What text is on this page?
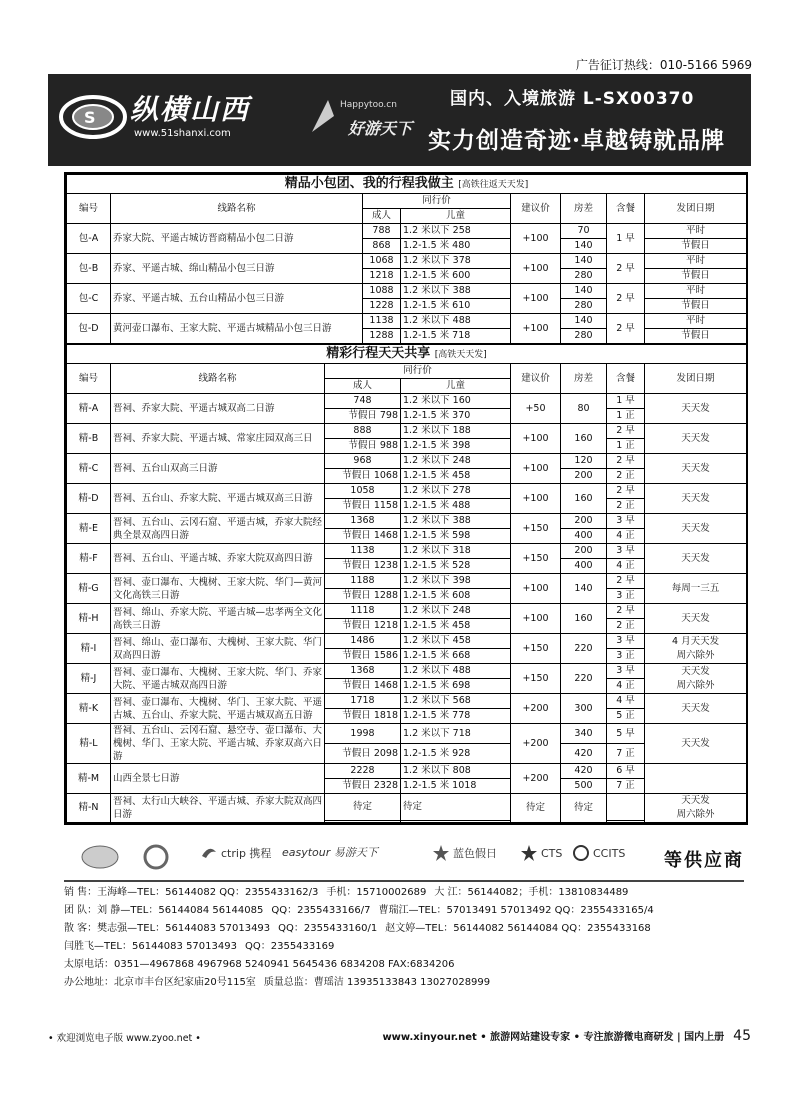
广告征订热线：010-5166 5969
S 纵横山西
www.51shanxi.com
Happytoo.cn
好游天下
国内、入境旅游 L-SX00370
实力创造奇迹·卓越铸就品牌
精品小包团、我的行程我做主 [高铁往返天天发]							
编号	线路名称	同行价		建议价	房差	含餐	发团日期
		成人	儿童				
包-A	乔家大院、平遥古城访晋商精品小包二日游	788	1.2 米以下 258	+100	70	1 早	平时
		868	1.2-1.5 米 480		140		节假日
包-B	乔家、平遥古城、绵山精品小包三日游	1068	1.2 米以下 378	+100	140	2 早	平时
		1218	1.2-1.5 米 600		280		节假日
包-C	乔家、平遥古城、五台山精品小包三日游	1088	1.2 米以下 388	+100	140	2 早	平时
		1228	1.2-1.5 米 610		280		节假日
包-D	黄河壶口瀑布、王家大院、平遥古城精品小包三日游	1138	1.2 米以下 488	+100	140	2 早	平时
		1288	1.2-1.5 米 718		280		节假日
精彩行程天天共享 [高铁天天发]							
编号	线路名称	同行价		建议价	房差	含餐	发团日期
		成人	儿童				
精-A	晋祠、乔家大院、平遥古城双高二日游	748	1.2 米以下 160	+50	80	1 早	天天发
		节假日 798	1.2-1.5 米 370			1 正	
精-B	晋祠、乔家大院、平遥古城、常家庄园双高三日	888	1.2 米以下 188	+100	160	2 早	天天发
		节假日 988	1.2-1.5 米 398			1 正	
精-C	晋祠、五台山双高三日游	968	1.2 米以下 248	+100	120	2 早	天天发
		节假日 1068	1.2-1.5 米 458		200	2 正	
精-D	晋祠、五台山、乔家大院、平遥古城双高三日游	1058	1.2 米以下 278	+100	160	2 早	天天发
		节假日 1158	1.2-1.5 米 488			2 正	
精-E	晋祠、五台山、云冈石窟、平遥古城，乔家大院经典全景双高四日游	1368	1.2 米以下 388	+150	200	3 早	天天发
		节假日 1468	1.2-1.5 米 598		400	4 正	
精-F	晋祠、五台山、平遥古城、乔家大院双高四日游	1138	1.2 米以下 318	+150	200	3 早	天天发
		节假日 1238	1.2-1.5 米 528		400	4 正	
精-G	晋祠、壶口瀑布、大槐树、王家大院、华门—黄河文化高铁三日游	1188	1.2 米以下 398	+100	140	2 早	每周一三五
		节假日 1288	1.2-1.5 米 608			3 正	
精-H	晋祠、绵山、乔家大院、平遥古城—忠孝两全文化高铁三日游	1118	1.2 米以下 248	+100	160	2 早	天天发
		节假日 1218	1.2-1.5 米 458			2 正	
精-I	晋祠、绵山、壶口瀑布、大槐树、王家大院、华门双高四日游	1486	1.2 米以下 458	+150	220	3 早	4 月天天发
周六除外
		节假日 1586	1.2-1.5 米 668			3 正	
精-J	晋祠、壶口瀑布、大槐树、王家大院、华门、乔家大院、平遥古城双高四日游	1368	1.2 米以下 488	+150	220	3 早	天天发
周六除外
		节假日 1468	1.2-1.5 米 698			4 正	
精-K	晋祠、壶口瀑布、大槐树、华门、王家大院、平遥古城、五台山、乔家大院、平遥古城双高五日游	1718	1.2 米以下 568	+200	300	4 早	天天发
		节假日 1818	1.2-1.5 米 778			5 正	
精-L	晋祠、五台山、云冈石窟、悬空寺、壶口瀑布、大槐树、华门、王家大院、平遥古城、乔家双高六日游	1998	1.2 米以下 718	+200	340	5 早	天天发
		节假日 2098	1.2-1.5 米 928		420	7 正	
精-M	山西全景七日游	2228	1.2 米以下 808	+200	420	6 早	
		节假日 2328	1.2-1.5 米 1018		500	7 正	
精-N	晋祠、太行山大峡谷、平遥古城、乔家大院双高四日游	待定	待定	待定	待定		天天发
周六除外

ctrip 携程 easytour 易游天下	蓝色假日	CTS	CCITS 等供应商
销 售：王海峰—TEL：56144082 QQ：2355433162/3 手机：15710002689 大 江：56144082；手机：13810834489
团 队：刘 静—TEL：56144084 56144085 QQ：2355433166/7 曹瑞江—TEL：57013491 57013492 QQ：2355433165/4
散 客：樊志强—TEL：56144083 57013493 QQ：2355433160/1 赵文婷—TEL：56144082 56144084 QQ：2355433168
闫胜飞—TEL：56144083 57013493 QQ：2355433169
太原电话：0351—4967868 4967968 5240941 5645436 6834208 FAX:6834206
办公地址：北京市丰台区纪家庙20号115室 质量总监：曹瑶洁 13935133843 13027028999
• 欢迎浏览电子版 www.zyoo.net •	www.xinyour.net • 旅游网站建设专家 • 专注旅游微电商研发 | 国内上册 45
